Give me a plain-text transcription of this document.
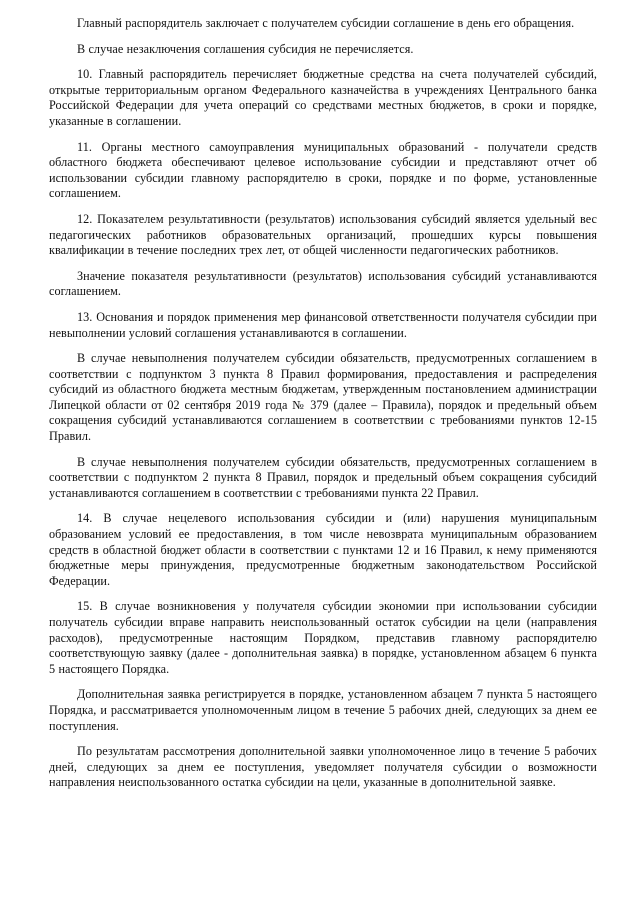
Главный распорядитель заключает с получателем субсидии соглашение в день его обращения.

В случае незаключения соглашения субсидия не перечисляется.

10. Главный распорядитель перечисляет бюджетные средства на счета получателей субсидий, открытые территориальным органом Федерального казначейства в учреждениях Центрального банка Российской Федерации для учета операций со средствами местных бюджетов, в сроки и порядке, указанные в соглашении.

11. Органы местного самоуправления муниципальных образований - получатели средств областного бюджета обеспечивают целевое использование субсидии и представляют отчет об использовании субсидии главному распорядителю в сроки, порядке и по форме, установленные соглашением.

12. Показателем результативности (результатов) использования субсидий является удельный вес педагогических работников образовательных организаций, прошедших курсы повышения квалификации в течение последних трех лет, от общей численности педагогических работников.

Значение показателя результативности (результатов) использования субсидий устанавливаются соглашением.

13. Основания и порядок применения мер финансовой ответственности получателя субсидии при невыполнении условий соглашения устанавливаются в соглашении.

В случае невыполнения получателем субсидии обязательств, предусмотренных соглашением в соответствии с подпунктом 3 пункта 8 Правил формирования, предоставления и распределения субсидий из областного бюджета местным бюджетам, утвержденным постановлением администрации Липецкой области от 02 сентября 2019 года № 379 (далее – Правила), порядок и предельный объем сокращения субсидий устанавливаются соглашением в соответствии с требованиями пунктов 12-15 Правил.

В случае невыполнения получателем субсидии обязательств, предусмотренных соглашением в соответствии с подпунктом 2 пункта 8 Правил, порядок и предельный объем сокращения субсидий устанавливаются соглашением в соответствии с требованиями пункта 22 Правил.

14. В случае нецелевого использования субсидии и (или) нарушения муниципальным образованием условий ее предоставления, в том числе невозврата муниципальным образованием средств в областной бюджет области в соответствии с пунктами 12 и 16 Правил, к нему применяются бюджетные меры принуждения, предусмотренные бюджетным законодательством Российской Федерации.

15. В случае возникновения у получателя субсидии экономии при использовании субсидии получатель субсидии вправе направить неиспользованный остаток субсидии на цели (направления расходов), предусмотренные настоящим Порядком, представив главному распорядителю соответствующую заявку (далее - дополнительная заявка) в порядке, установленном абзацем 6 пункта 5 настоящего Порядка.

Дополнительная заявка регистрируется в порядке, установленном абзацем 7 пункта 5 настоящего Порядка, и рассматривается уполномоченным лицом в течение 5 рабочих дней, следующих за днем ее поступления.

По результатам рассмотрения дополнительной заявки уполномоченное лицо в течение 5 рабочих дней, следующих за днем ее поступления, уведомляет получателя субсидии о возможности направления неиспользованного остатка субсидии на цели, указанные в дополнительной заявке.
